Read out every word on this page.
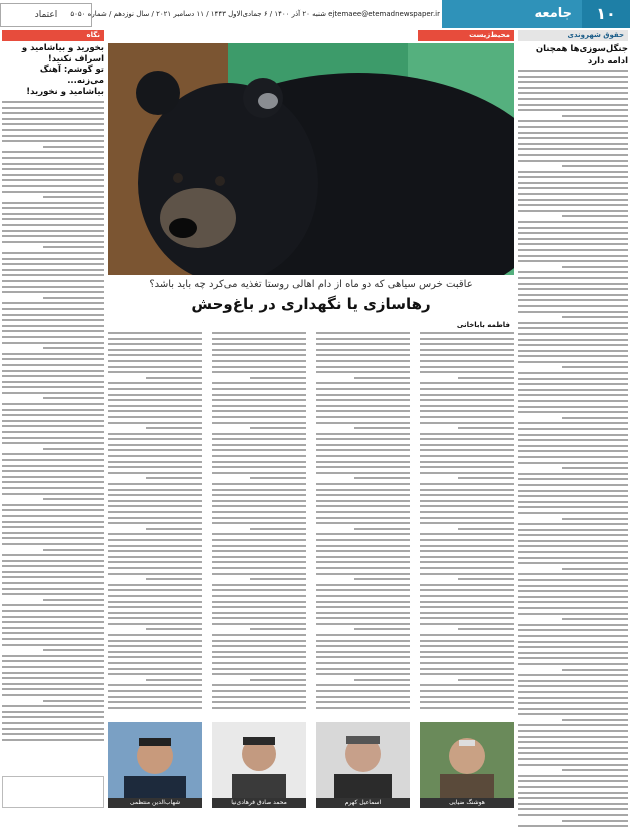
۱۰
جامعه
ejtemaee@etemadnewspaper.ir شنبه ۲۰ آذر ۱۴۰۰ / ۶ جمادی‌الاول ۱۴۴۳ / ۱۱ دسامبر ۲۰۲۱ / سال نوزدهم / شماره ۵۰۵۰
اعتماد
حقوق شهروندی
محیط‌زیست
نگاه
جنگل‌سوزی‌ها همچنان ادامه دارد
بخورید و بیاشامید و اسراف نکنید!
تو گوشم: آهنگ می‌زنه...
بیاشامید و نخورید!
عاقبت خرس سیاهی که دو ماه از دام اهالی روستا تغذیه می‌کرد چه باید باشد؟
رهاسازی یا نگهداری در باغ‌وحش
فاطمه باباخانی
هوشنگ ضیایی
اسماعیل کهرم
محمد صادق فرهادی‌نیا
شهاب‌الدین منتظمی
